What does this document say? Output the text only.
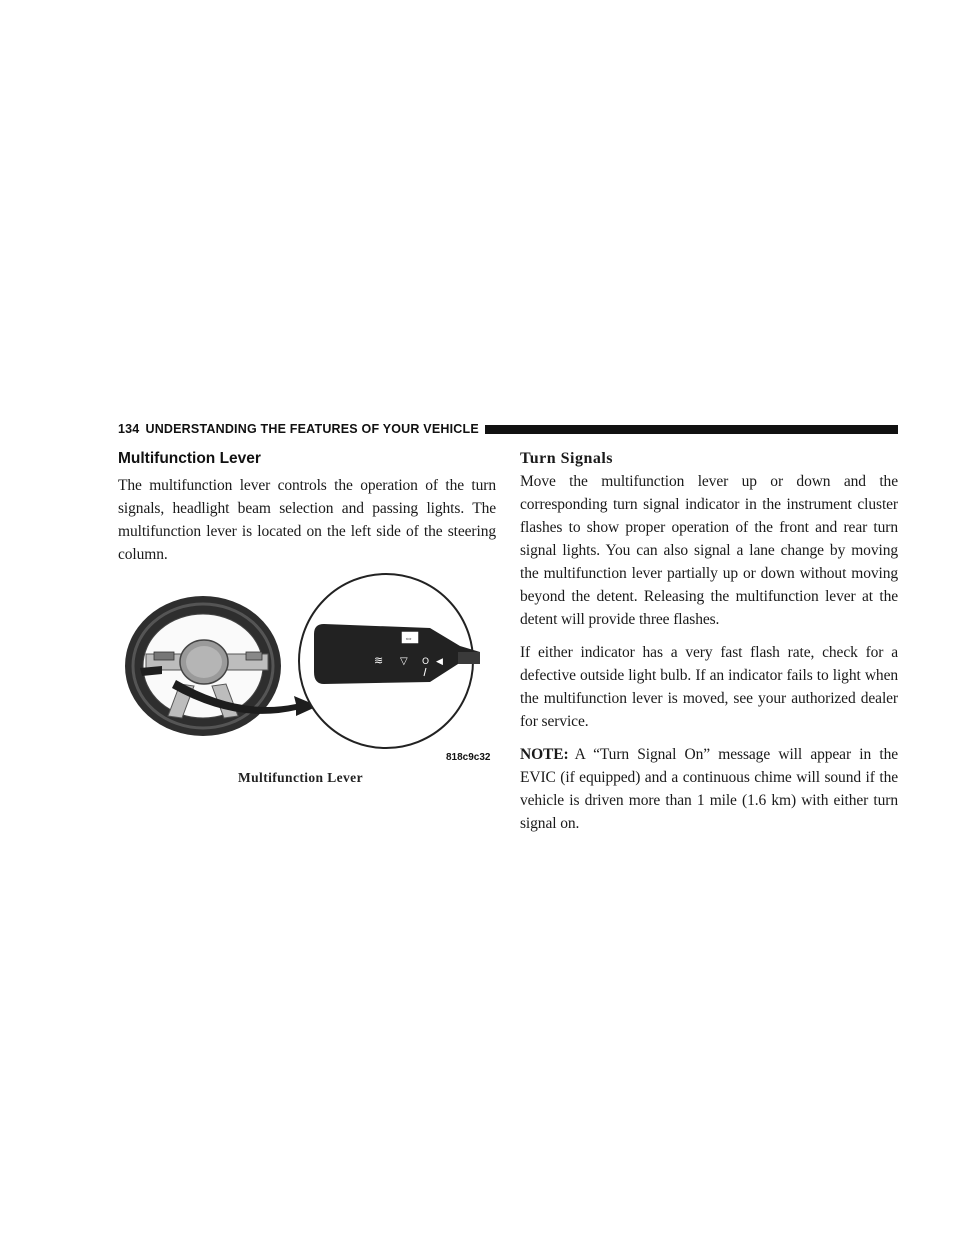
134 UNDERSTANDING THE FEATURES OF YOUR VEHICLE
Multifunction Lever

The multifunction lever controls the operation of the turn signals, headlight beam selection and passing lights. The multifunction lever is located on the left side of the steering column.

⇔
≋ ▽ O ◀
818c9c32
Multifunction Lever
Turn Signals

Move the multifunction lever up or down and the corresponding turn signal indicator in the instrument cluster flashes to show proper operation of the front and rear turn signal lights. You can also signal a lane change by moving the multifunction lever partially up or down without moving beyond the detent. Releasing the multifunction lever at the detent will provide three flashes.

If either indicator has a very fast flash rate, check for a defective outside light bulb. If an indicator fails to light when the multifunction lever is moved, see your authorized dealer for service.

NOTE: A “Turn Signal On” message will appear in the EVIC (if equipped) and a continuous chime will sound if the vehicle is driven more than 1 mile (1.6 km) with either turn signal on.
